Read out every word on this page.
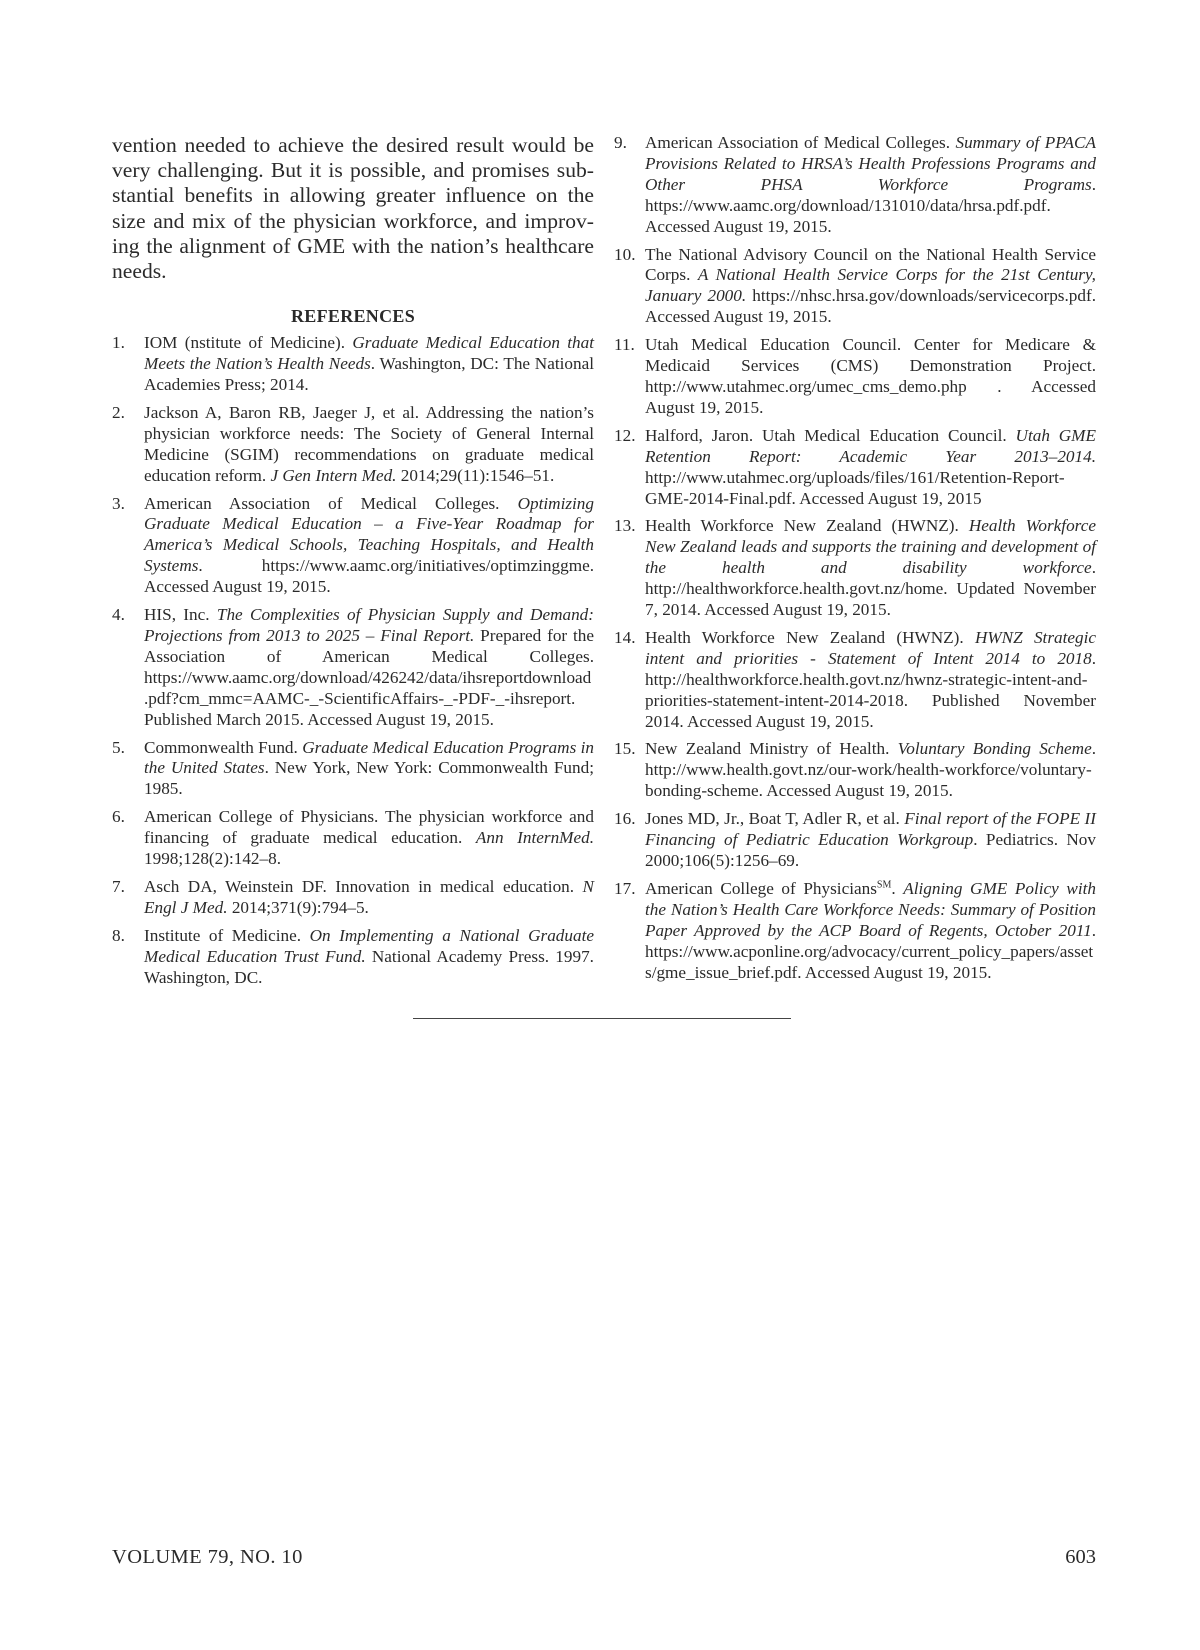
vention needed to achieve the desired result would be very challenging. But it is possible, and promises substantial benefits in allowing greater influence on the size and mix of the physician workforce, and improving the alignment of GME with the nation’s healthcare needs.

REFERENCES
1.	IOM (nstitute of Medicine). Graduate Medical Education that Meets the Nation’s Health Needs. Washington, DC: The National Academies Press; 2014.
2.	Jackson A, Baron RB, Jaeger J, et al. Addressing the nation’s physician workforce needs: The Society of General Internal Medicine (SGIM) recommendations on graduate medical education reform. J Gen Intern Med. 2014;29(11):1546–51.
3.	American Association of Medical Colleges. Optimizing Graduate Medical Education – a Five-Year Roadmap for America’s Medical Schools, Teaching Hospitals, and Health Systems. https://www.aamc.org/initiatives/optimzinggme. Accessed August 19, 2015.
4.	HIS, Inc. The Complexities of Physician Supply and Demand: Projections from 2013 to 2025 – Final Report. Prepared for the Association of American Medical Colleges. https://www.aamc.org/download/426242/data/ihsreportdownload.pdf?cm_mmc=AAMC-_-ScientificAffairs-_-PDF-_-ihsreport. Published March 2015. Accessed August 19, 2015.
5.	Commonwealth Fund. Graduate Medical Education Programs in the United States. New York, New York: Commonwealth Fund; 1985.
6.	American College of Physicians. The physician workforce and financing of graduate medical education. Ann InternMed. 1998;128(2):142–8.
7.	Asch DA, Weinstein DF. Innovation in medical education. N Engl J Med. 2014;371(9):794–5.
8.	Institute of Medicine. On Implementing a National Graduate Medical Education Trust Fund. National Academy Press. 1997. Washington, DC.
9.	American Association of Medical Colleges. Summary of PPACA Provisions Related to HRSA’s Health Professions Programs and Other PHSA Workforce Programs. https://www.aamc.org/download/131010/data/hrsa.pdf.pdf. Accessed August 19, 2015.
10. The National Advisory Council on the National Health Service Corps. A National Health Service Corps for the 21st Century, January 2000. https://nhsc.hrsa.gov/downloads/servicecorps.pdf. Accessed August 19, 2015.
11. Utah Medical Education Council. Center for Medicare & Medicaid Services (CMS) Demonstration Project. http://www.utahmec.org/umec_cms_demo.php . Accessed August 19, 2015.
12. Halford, Jaron. Utah Medical Education Council. Utah GME Retention Report: Academic Year 2013–2014. http://www.utahmec.org/uploads/files/161/Retention-Report-GME-2014-Final.pdf. Accessed August 19, 2015
13. Health Workforce New Zealand (HWNZ). Health Workforce New Zealand leads and supports the training and development of the health and disability workforce. http://healthworkforce.health.govt.nz/home. Updated November 7, 2014. Accessed August 19, 2015.
14. Health Workforce New Zealand (HWNZ). HWNZ Strategic intent and priorities - Statement of Intent 2014 to 2018. http://healthworkforce.health.govt.nz/hwnz-strategic-intent-and-priorities-statement-intent-2014-2018. Published November 2014. Accessed August 19, 2015.
15. New Zealand Ministry of Health. Voluntary Bonding Scheme. http://www.health.govt.nz/our-work/health-workforce/voluntary-bonding-scheme. Accessed August 19, 2015.
16. Jones MD, Jr., Boat T, Adler R, et al. Final report of the FOPE II Financing of Pediatric Education Workgroup. Pediatrics. Nov 2000;106(5):1256–69.
17. American College of Physicians℠. Aligning GME Policy with the Nation’s Health Care Workforce Needs: Summary of Position Paper Approved by the ACP Board of Regents, October 2011. https://www.acponline.org/advocacy/current_policy_papers/assets/gme_issue_brief.pdf. Accessed August 19, 2015.
VOLUME 79, NO. 10	603
